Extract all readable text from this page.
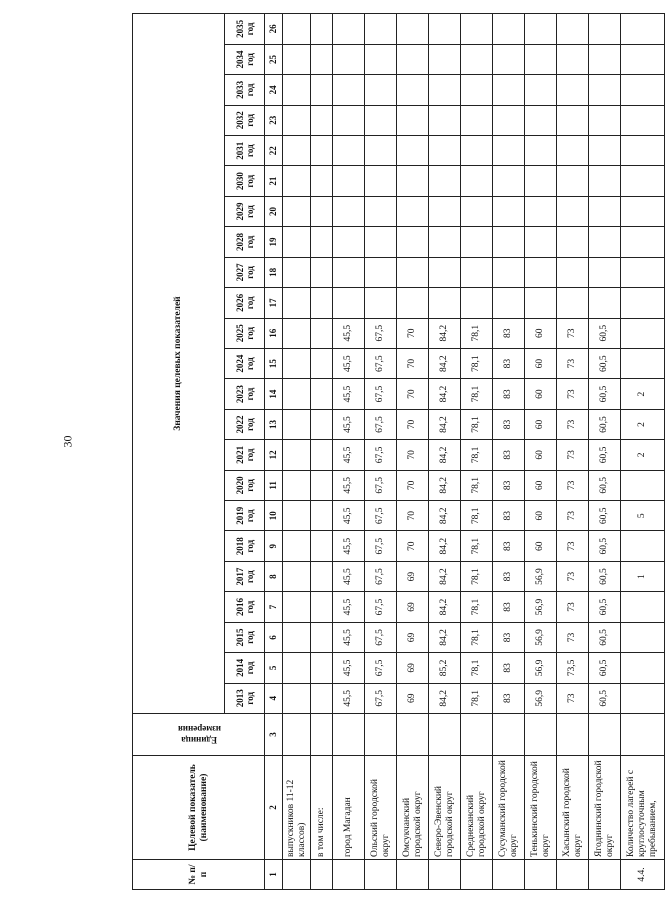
30
№ п/п	Целевой показатель (наименование)	Единица измерения	Значения целевых показателей																						
			2013 год	2014 год	2015 год	2016 год	2017 год	2018 год	2019 год	2020 год	2021 год	2022 год	2023 год	2024 год	2025 год	2026 год	2027 год	2028 год	2029 год	2030 год	2031 год	2032 год	2033 год	2034 год	2035 год
1	2	3	4	5	6	7	8	9	10	11	12	13	14	15	16	17	18	19	20	21	22	23	24	25	26
	выпускников 11-12 классов)																								
	в том числе:																								
	город Магадан		45,5	45,5	45,5	45,5	45,5	45,5	45,5	45,5	45,5	45,5	45,5	45,5	45,5										
	Ольский городской округ		67,5	67,5	67,5	67,5	67,5	67,5	67,5	67,5	67,5	67,5	67,5	67,5	67,5										
	Омсукчанский городской округ		69	69	69	69	69	70	70	70	70	70	70	70	70										
	Северо-Эвенский городской округ		84,2	85,2	84,2	84,2	84,2	84,2	84,2	84,2	84,2	84,2	84,2	84,2	84,2										
	Среднеканский городской округ		78,1	78,1	78,1	78,1	78,1	78,1	78,1	78,1	78,1	78,1	78,1	78,1	78,1										
	Сусуманский городской округ		83	83	83	83	83	83	83	83	83	83	83	83	83										
	Тенькинский городской округ		56,9	56,9	56,9	56,9	56,9	60	60	60	60	60	60	60	60										
	Хасынский городской округ		73	73,5	73	73	73	73	73	73	73	73	73	73	73										
	Ягоднинский городской округ		60,5	60,5	60,5	60,5	60,5	60,5	60,5	60,5	60,5	60,5	60,5	60,5	60,5										
4.4.	Количество лагерей с круглосуточным пребыванием,						1		5		2	2	2												
